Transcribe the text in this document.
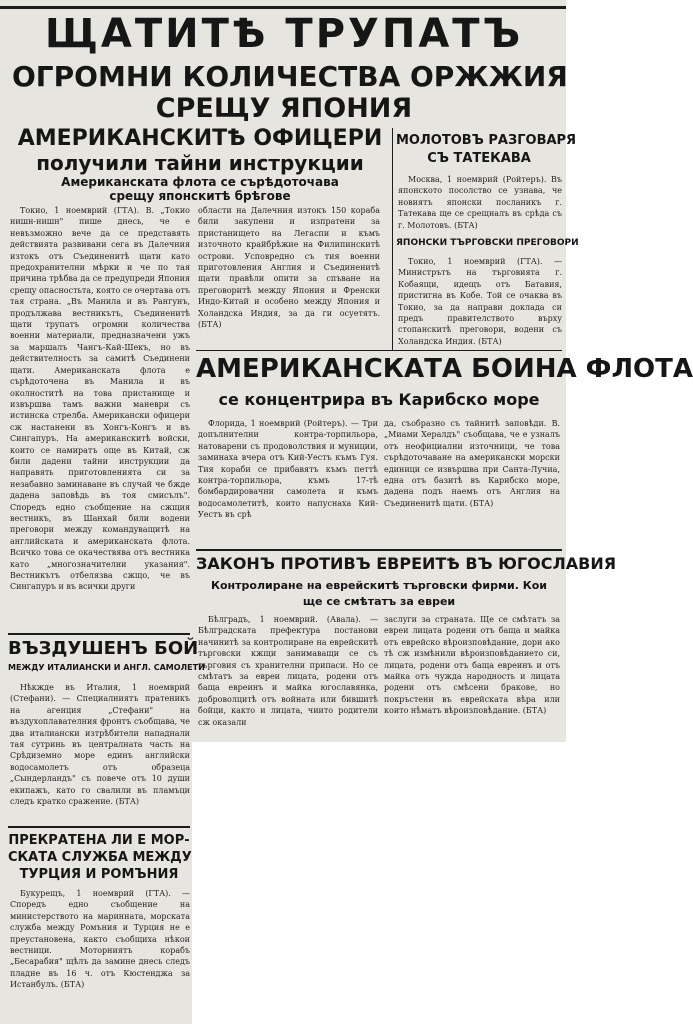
ЩАТИТѢ ТРУПАТЪ
ОГРОМНИ КОЛИЧЕСТВА ОРЖЖИЯ
СРЕЩУ ЯПОНИЯ
АМЕРИКАНСКИТѢ ОФИЦЕРИ
получили тайни инструкции
Американската флота се сърѣдоточава
срещу японскитѣ брѣгове

Токио, 1 ноемврий (ГТА). В. „Токио нишн-нишн" пише днесь, че е невъзможно вече да се представять действията развивани сега въ Далечния изтокъ отъ Съединенитѣ щати като предохранителни мѣрки и че по тая причина трѣбва да се предупреди Япония срещу опасностьта, която се очертава отъ тая страна. „Въ Манила и въ Рангунъ, продължава вестникътъ, Съединенитѣ щати трупатъ огромни количества военни материали, предназначени ужъ за маршалъ Чангъ-Кай-Шекъ, но въ действителность за самитѣ Съединени щати. Американската флота е сърѣдоточена въ Манила и въ околноститѣ на това пристанище и извършва тамъ важни маневри съ истинска стрелба. Американски офицери сж настанени въ Хонгъ-Конгъ и въ Сингапуръ. На американскитѣ войски, които се намиратъ още въ Китай, сж били дадени тайни инструкции да направять приготовленията си за незабавно заминаване въ случай че бжде дадена заповѣдь въ тоя смисълъ". Споредъ едно съобщение на сжщия вестникъ, въ Шанхай били водени преговори между командуващитѣ на английската и американската флота. Всичко това се окачествява отъ вестника като „многозначителни указания". Вестникътъ отбелязва сжщо, че въ Сингапуръ и въ всички други

области на Далечния изтокъ 150 кораба били закупени и изпратени за пристанището на Легаспи и къмъ източното крайбрѣжие на Филипинскитѣ острови. Усповредно съ тия военни приготовления Англия и Съединенитѣ щати правѣли опити за спъване на преговоритѣ между Япония и Френски Индо-Китай и особено между Япония и Холандска Индия, за да ги осуетятъ. (БТА)

МОЛОТОВЪ РАЗГОВАРЯ
СЪ ТАТЕКАВА

Москва, 1 ноемврий (Ройтеръ). Въ японското посолство се узнава, че новиятъ японски посланикъ г. Татекава ще се срещналъ въ срѣда съ г. Молотовъ. (БТА)

ЯПОНСКИ ТЪРГОВСКИ ПРЕГОВОРИ

Токио, 1 ноемврий (ГТА). — Министрътъ на търговията г. Кобаящи, идещъ отъ Батавия, пристигна въ Кобе. Той се очаква въ Токио, за да направи доклада си предъ правителството върху стопанскитѣ преговори, водени съ Холандска Индия. (БТА)

АМЕРИКАНСКАТА БОИНА ФЛОТА
се концентрира въ Карибско море

Флорида, 1 ноемврий (Ройтеръ). — Три допълнителни контра-торпильора, натоварени съ продоволствия и муниции, заминаха вчера отъ Кий-Уестъ къмъ Гуя. Тия кораби се прибавятъ къмъ петтѣ контра-торпильора, къмъ 17-тѣ бомбардировачни самолета и къмъ водосамолетитѣ, които напуснаха Кий-Уестъ въ срѣ

да, съобразно съ тайнитѣ заповѣди. В. „Миами Хералдъ" съобщава, че е узналъ отъ неофициални източници, че това сърѣдоточаване на американски морски единици се извършва при Санта-Лучиа, една отъ базитѣ въ Карибско море, дадена подъ наемъ отъ Англия на Съединенитѣ щати. (БТА)

ЗАКОНЪ ПРОТИВЪ ЕВРЕИТѢ ВЪ ЮГОСЛАВИЯ
Контролиране на еврейскитѣ търговски фирми. Кои
ще се смѣтатъ за евреи

Бѣлградъ, 1 ноемврий. (Авала). — Бѣлградската префектура постанови начинитѣ за контролиране на еврейскитѣ търговски кжщи занимаващи се съ търговия съ хранителни припаси. Но се смѣтатъ за евреи лицата, родени отъ баща евреинъ и майка югославянка, доброволцитѣ отъ войната или бившитѣ бойци, както и лицата, чиито родители сж оказали

заслуги за страната. Ще се смѣтатъ за евреи лицата родени отъ баща и майка отъ еврейско вѣроизповѣдание, дори ако тѣ сж измѣнили вѣроизповѣданието си, лицата, родени отъ баща евреинъ и отъ майка отъ чужда народность и лицата родени отъ смѣсени бракове, но покръстени въ еврейската вѣра или които нѣматъ вѣроизповѣдание. (БТА)

ВЪЗДУШЕНЪ БОЙ
МЕЖДУ ИТАЛИАНСКИ И АНГЛ. САМОЛЕТИ

Нѣкжде въ Италия, 1 ноемврий (Стефани). — Специалниятъ пратеникъ на агенция „Стефани" на въздухоплавателния фронтъ съобщава, че два италиански изтрѣбители нападнали тая сутринь въ централната часть на Срѣдиземно море единъ английски водосамолетъ отъ образеца „Сындерландъ" съ повече отъ 10 души екипажъ, като го свалили въ пламъци следъ кратко сражение. (БТА)

ПРЕКРАТЕНА ЛИ Е МОР-
СКАТА СЛУЖБА МЕЖДУ
ТУРЦИЯ И РОМЪНИЯ

Букурещъ, 1 ноемврий (ГТА). — Споредъ едно съобщение на министерството на маринната, морската служба между Ромъния и Турция не е преустановена, както съобщиха нѣкои вестници. Моторниятъ корабъ „Бесарабия" щѣлъ да замине днесь следъ пладне въ 16 ч. отъ Кюстенджа за Истанбулъ. (БТА)
